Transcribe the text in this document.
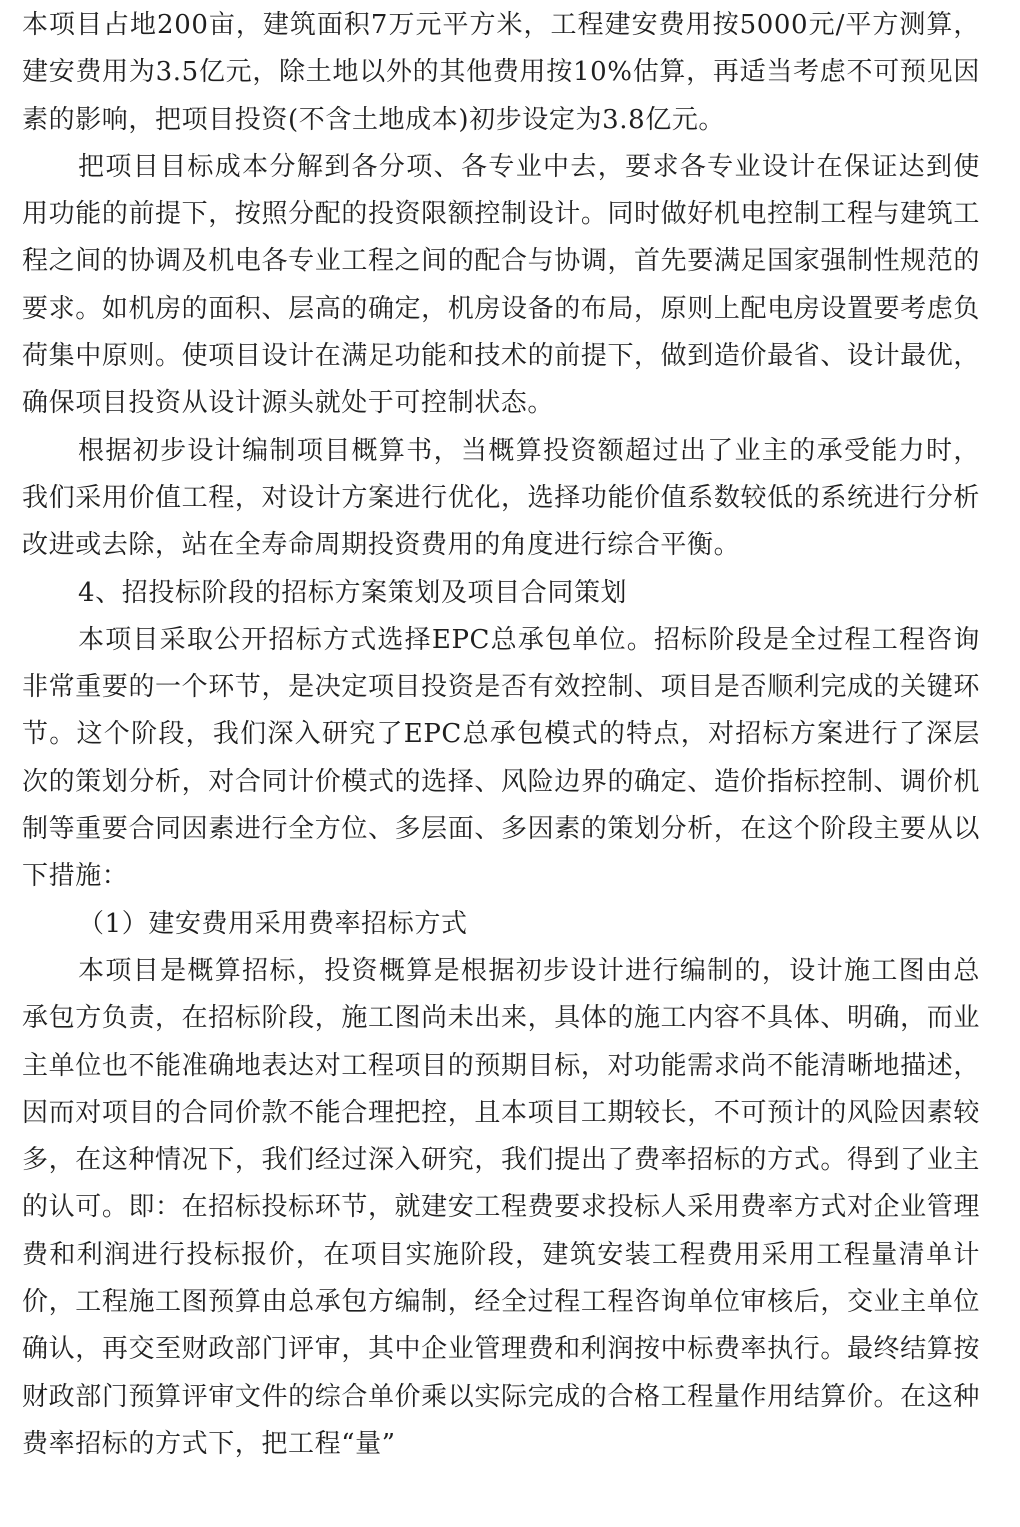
本项目占地200亩，建筑面积7万元平方米，工程建安费用按5000元/平方测算，建安费用为3.5亿元，除土地以外的其他费用按10%估算，再适当考虑不可预见因素的影响，把项目投资(不含土地成本)初步设定为3.8亿元。

把项目目标成本分解到各分项、各专业中去，要求各专业设计在保证达到使用功能的前提下，按照分配的投资限额控制设计。同时做好机电控制工程与建筑工程之间的协调及机电各专业工程之间的配合与协调，首先要满足国家强制性规范的要求。如机房的面积、层高的确定，机房设备的布局，原则上配电房设置要考虑负荷集中原则。使项目设计在满足功能和技术的前提下，做到造价最省、设计最优，确保项目投资从设计源头就处于可控制状态。

根据初步设计编制项目概算书，当概算投资额超过出了业主的承受能力时，我们采用价值工程，对设计方案进行优化，选择功能价值系数较低的系统进行分析改进或去除，站在全寿命周期投资费用的角度进行综合平衡。

4、招投标阶段的招标方案策划及项目合同策划

本项目采取公开招标方式选择EPC总承包单位。招标阶段是全过程工程咨询非常重要的一个环节，是决定项目投资是否有效控制、项目是否顺利完成的关键环节。这个阶段，我们深入研究了EPC总承包模式的特点，对招标方案进行了深层次的策划分析，对合同计价模式的选择、风险边界的确定、造价指标控制、调价机制等重要合同因素进行全方位、多层面、多因素的策划分析，在这个阶段主要从以下措施：

（1）建安费用采用费率招标方式

本项目是概算招标，投资概算是根据初步设计进行编制的，设计施工图由总承包方负责，在招标阶段，施工图尚未出来，具体的施工内容不具体、明确，而业主单位也不能准确地表达对工程项目的预期目标，对功能需求尚不能清晰地描述，因而对项目的合同价款不能合理把控，且本项目工期较长，不可预计的风险因素较多，在这种情况下，我们经过深入研究，我们提出了费率招标的方式。得到了业主的认可。即：在招标投标环节，就建安工程费要求投标人采用费率方式对企业管理费和利润进行投标报价，在项目实施阶段，建筑安装工程费用采用工程量清单计价，工程施工图预算由总承包方编制，经全过程工程咨询单位审核后，交业主单位确认，再交至财政部门评审，其中企业管理费和利润按中标费率执行。最终结算按财政部门预算评审文件的综合单价乘以实际完成的合格工程量作用结算价。在这种费率招标的方式下，把工程“量”
